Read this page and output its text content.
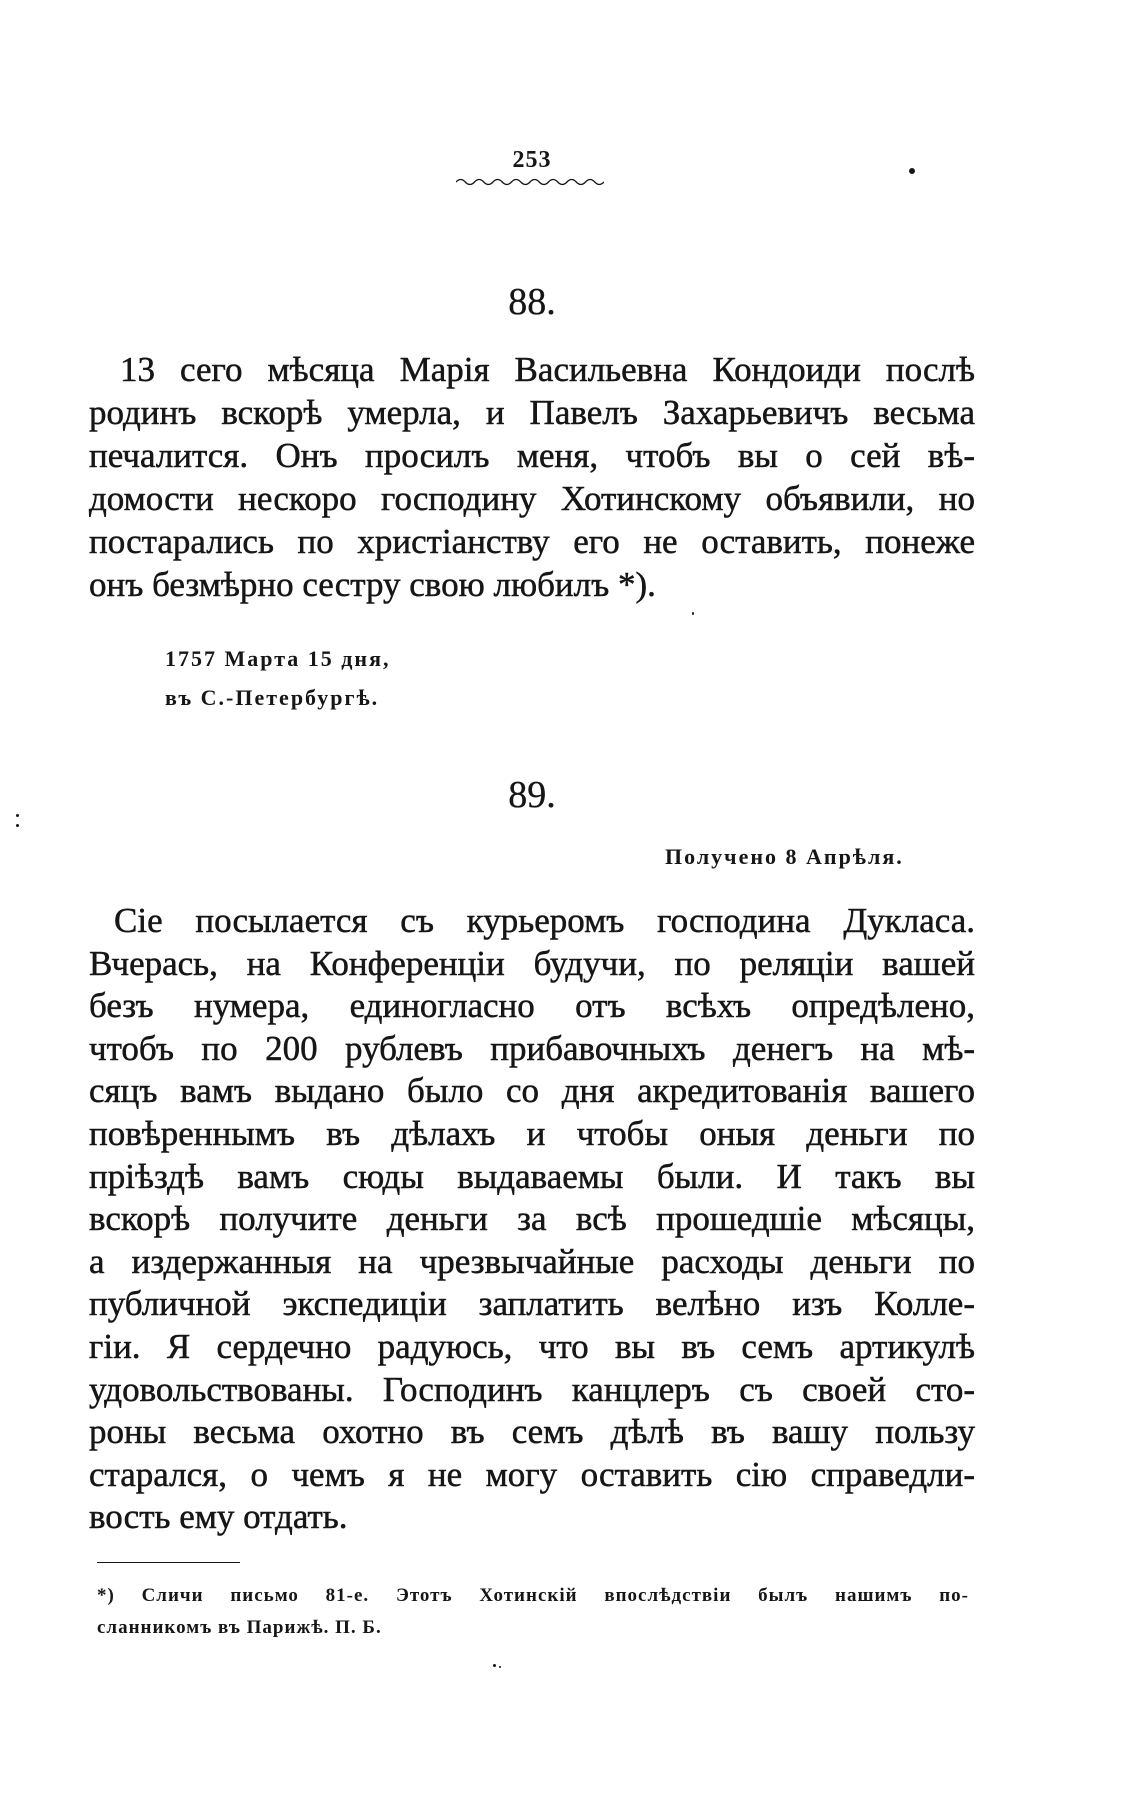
253
88.
13 сего мѣсяца Марія Васильевна Кондоиди послѣ
родинъ вскорѣ умерла, и Павелъ Захарьевичъ весьма
печалится. Онъ просилъ меня, чтобъ вы о сей вѣ-
домости нескоро господину Хотинскому объявили, но
постарались по христіанству его не оставить, понеже
онъ безмѣрно сестру свою любилъ *).
1757 Марта 15 дня,
въ С.-Петербургѣ.
89.
Получено 8 Апрѣля.
Сіе посылается съ курьеромъ господина Дукласа.
Вчерась, на Конференціи будучи, по реляціи вашей
безъ нумера, единогласно отъ всѣхъ опредѣлено,
чтобъ по 200 рублевъ прибавочныхъ денегъ на мѣ-
сяцъ вамъ выдано было со дня акредитованія вашего
повѣреннымъ въ дѣлахъ и чтобы оныя деньги по
пріѣздѣ вамъ сюды выдаваемы были. И такъ вы
вскорѣ получите деньги за всѣ прошедшіе мѣсяцы,
а издержанныя на чрезвычайные расходы деньги по
публичной экспедиціи заплатить велѣно изъ Колле-
гіи. Я сердечно радуюсь, что вы въ семъ артикулѣ
удовольствованы. Господинъ канцлеръ съ своей сто-
роны весьма охотно въ семъ дѣлѣ въ вашу пользу
старался, о чемъ я не могу оставить сію справедли-
вость ему отдать.
*) Сличи письмо 81-е. Этотъ Хотинскій впослѣдствіи былъ нашимъ по-
сланникомъ въ Парижѣ. П. Б.
